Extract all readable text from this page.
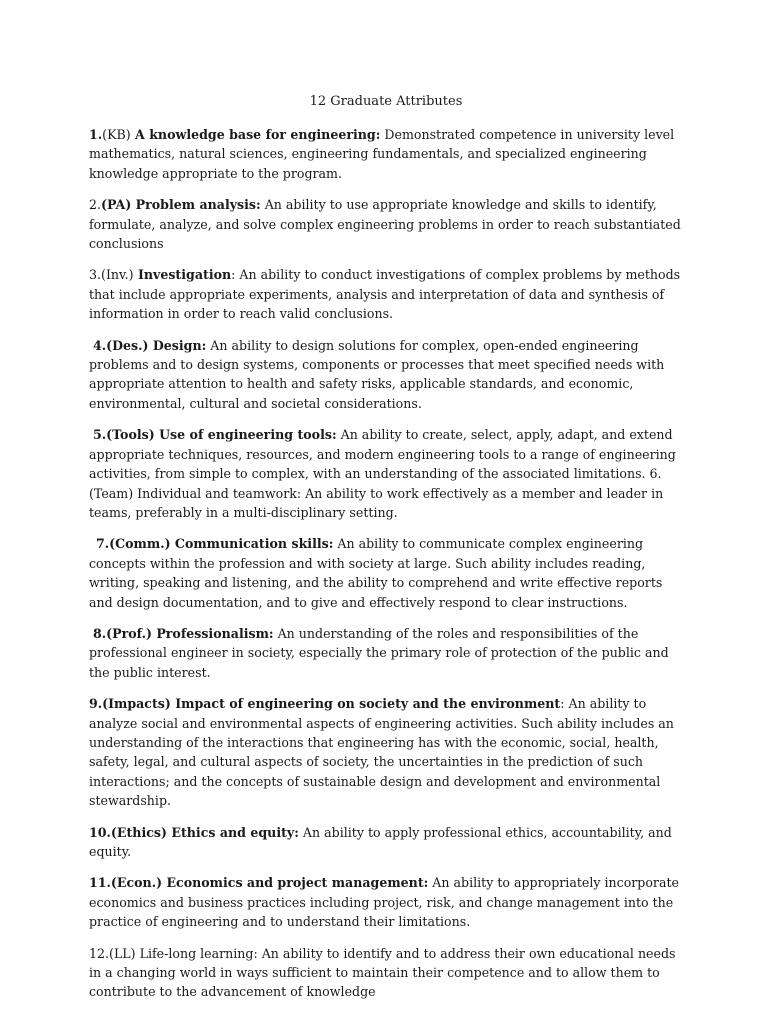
12 Graduate Attributes

1.(KB) A knowledge base for engineering: Demonstrated competence in university level mathematics, natural sciences, engineering fundamentals, and specialized engineering knowledge appropriate to the program.

2.(PA) Problem analysis: An ability to use appropriate knowledge and skills to identify, formulate, analyze, and solve complex engineering problems in order to reach substantiated conclusions

3.(Inv.) Investigation: An ability to conduct investigations of complex problems by methods that include appropriate experiments, analysis and interpretation of data and synthesis of information in order to reach valid conclusions.

4.(Des.) Design: An ability to design solutions for complex, open-ended engineering problems and to design systems, components or processes that meet specified needs with appropriate attention to health and safety risks, applicable standards, and economic, environmental, cultural and societal considerations.

5.(Tools) Use of engineering tools: An ability to create, select, apply, adapt, and extend appropriate techniques, resources, and modern engineering tools to a range of engineering activities, from simple to complex, with an understanding of the associated limitations. 6.(Team) Individual and teamwork: An ability to work effectively as a member and leader in teams, preferably in a multi-disciplinary setting.

7.(Comm.) Communication skills: An ability to communicate complex engineering concepts within the profession and with society at large. Such ability includes reading, writing, speaking and listening, and the ability to comprehend and write effective reports and design documentation, and to give and effectively respond to clear instructions.

8.(Prof.) Professionalism: An understanding of the roles and responsibilities of the professional engineer in society, especially the primary role of protection of the public and the public interest.

9.(Impacts) Impact of engineering on society and the environment: An ability to analyze social and environmental aspects of engineering activities. Such ability includes an understanding of the interactions that engineering has with the economic, social, health, safety, legal, and cultural aspects of society, the uncertainties in the prediction of such interactions; and the concepts of sustainable design and development and environmental stewardship.

10.(Ethics) Ethics and equity: An ability to apply professional ethics, accountability, and equity.

11.(Econ.) Economics and project management: An ability to appropriately incorporate economics and business practices including project, risk, and change management into the practice of engineering and to understand their limitations.

12.(LL) Life-long learning: An ability to identify and to address their own educational needs in a changing world in ways sufficient to maintain their competence and to allow them to contribute to the advancement of knowledge
